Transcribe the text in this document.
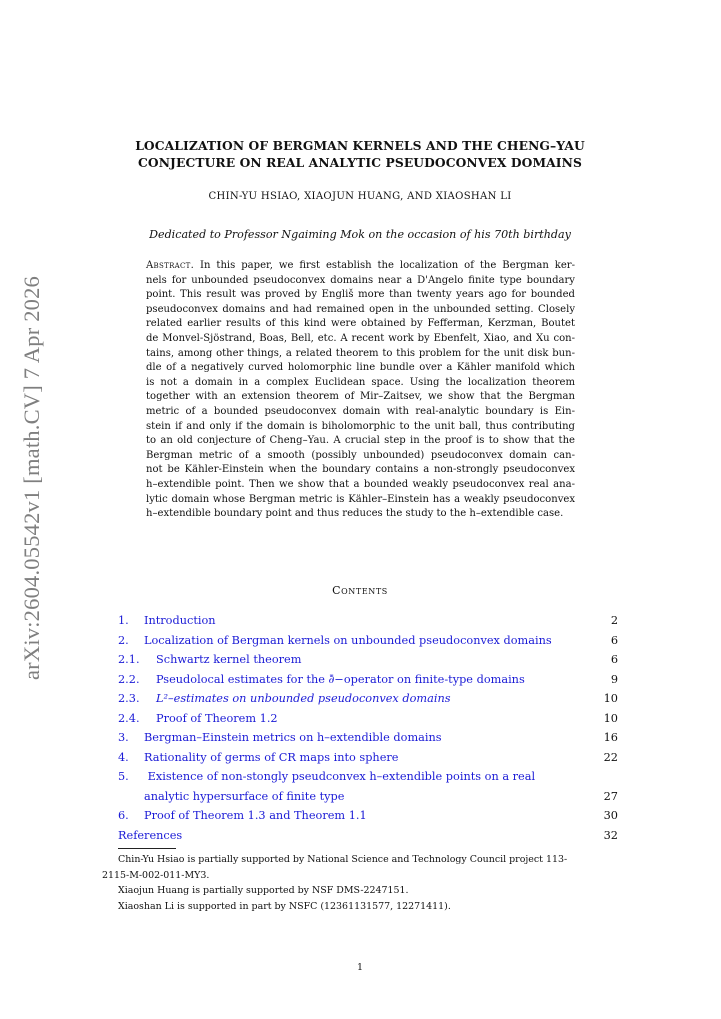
arXiv:2604.05542v1 [math.CV] 7 Apr 2026
LOCALIZATION OF BERGMAN KERNELS AND THE CHENG–YAU
CONJECTURE ON REAL ANALYTIC PSEUDOCONVEX DOMAINS
CHIN-YU HSIAO, XIAOJUN HUANG, AND XIAOSHAN LI
Dedicated to Professor Ngaiming Mok on the occasion of his 70th birthday
Abstract. In this paper, we first establish the localization of the Bergman ker-
nels for unbounded pseudoconvex domains near a D'Angelo finite type boundary
point. This result was proved by Engliš more than twenty years ago for bounded
pseudoconvex domains and had remained open in the unbounded setting. Closely
related earlier results of this kind were obtained by Fefferman, Kerzman, Boutet
de Monvel-Sjöstrand, Boas, Bell, etc. A recent work by Ebenfelt, Xiao, and Xu con-
tains, among other things, a related theorem to this problem for the unit disk bun-
dle of a negatively curved holomorphic line bundle over a Kähler manifold which
is not a domain in a complex Euclidean space. Using the localization theorem
together with an extension theorem of Mir–Zaitsev, we show that the Bergman
metric of a bounded pseudoconvex domain with real-analytic boundary is Ein-
stein if and only if the domain is biholomorphic to the unit ball, thus contributing
to an old conjecture of Cheng–Yau. A crucial step in the proof is to show that the
Bergman metric of a smooth (possibly unbounded) pseudoconvex domain can-
not be Kähler-Einstein when the boundary contains a non-strongly pseudoconvex
h–extendible point. Then we show that a bounded weakly pseudoconvex real ana-
lytic domain whose Bergman metric is Kähler–Einstein has a weakly pseudoconvex
h–extendible boundary point and thus reduces the study to the h–extendible case.
Contents
1. Introduction	2
2. Localization of Bergman kernels on unbounded pseudoconvex domains	6
2.1. Schwartz kernel theorem	6
2.2. Pseudolocal estimates for the ∂̄−operator on finite-type domains	9
2.3. L²–estimates on unbounded pseudoconvex domains	10
2.4. Proof of Theorem 1.2	10
3. Bergman–Einstein metrics on h–extendible domains	16
4. Rationality of germs of CR maps into sphere	22
5. Existence of non-stongly pseudconvex h–extendible points on a real
analytic hypersurface of finite type	27
6. Proof of Theorem 1.3 and Theorem 1.1	30
References	32
Chin-Yu Hsiao is partially supported by National Science and Technology Council project 113-
2115-M-002-011-MY3.
Xiaojun Huang is partially supported by NSF DMS-2247151.
Xiaoshan Li is supported in part by NSFC (12361131577, 12271411).
1
